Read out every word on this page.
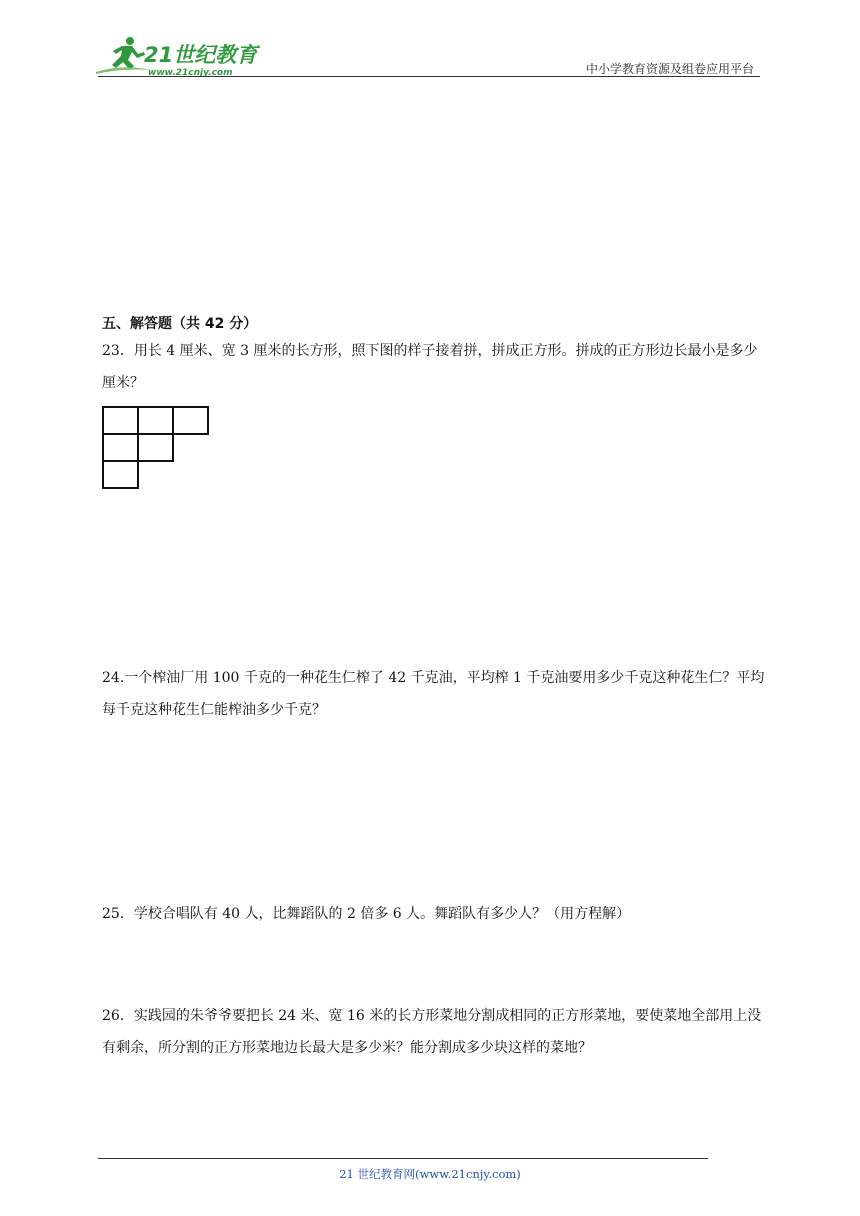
21世纪教育
www.21cnjy.com	中小学教育资源及组卷应用平台
五、解答题（共 42 分）
23．用长 4 厘米、宽 3 厘米的长方形，照下图的样子接着拼，拼成正方形。拼成的正方形边长最小是多少厘米？
24.一个榨油厂用 100 千克的一种花生仁榨了 42 千克油，平均榨 1 千克油要用多少千克这种花生仁？平均每千克这种花生仁能榨油多少千克？
25．学校合唱队有 40 人，比舞蹈队的 2 倍多 6 人。舞蹈队有多少人？（用方程解）
26．实践园的朱爷爷要把长 24 米、宽 16 米的长方形菜地分割成相同的正方形菜地，要使菜地全部用上没有剩余，所分割的正方形菜地边长最大是多少米？能分割成多少块这样的菜地？
21 世纪教育网(www.21cnjy.com)
